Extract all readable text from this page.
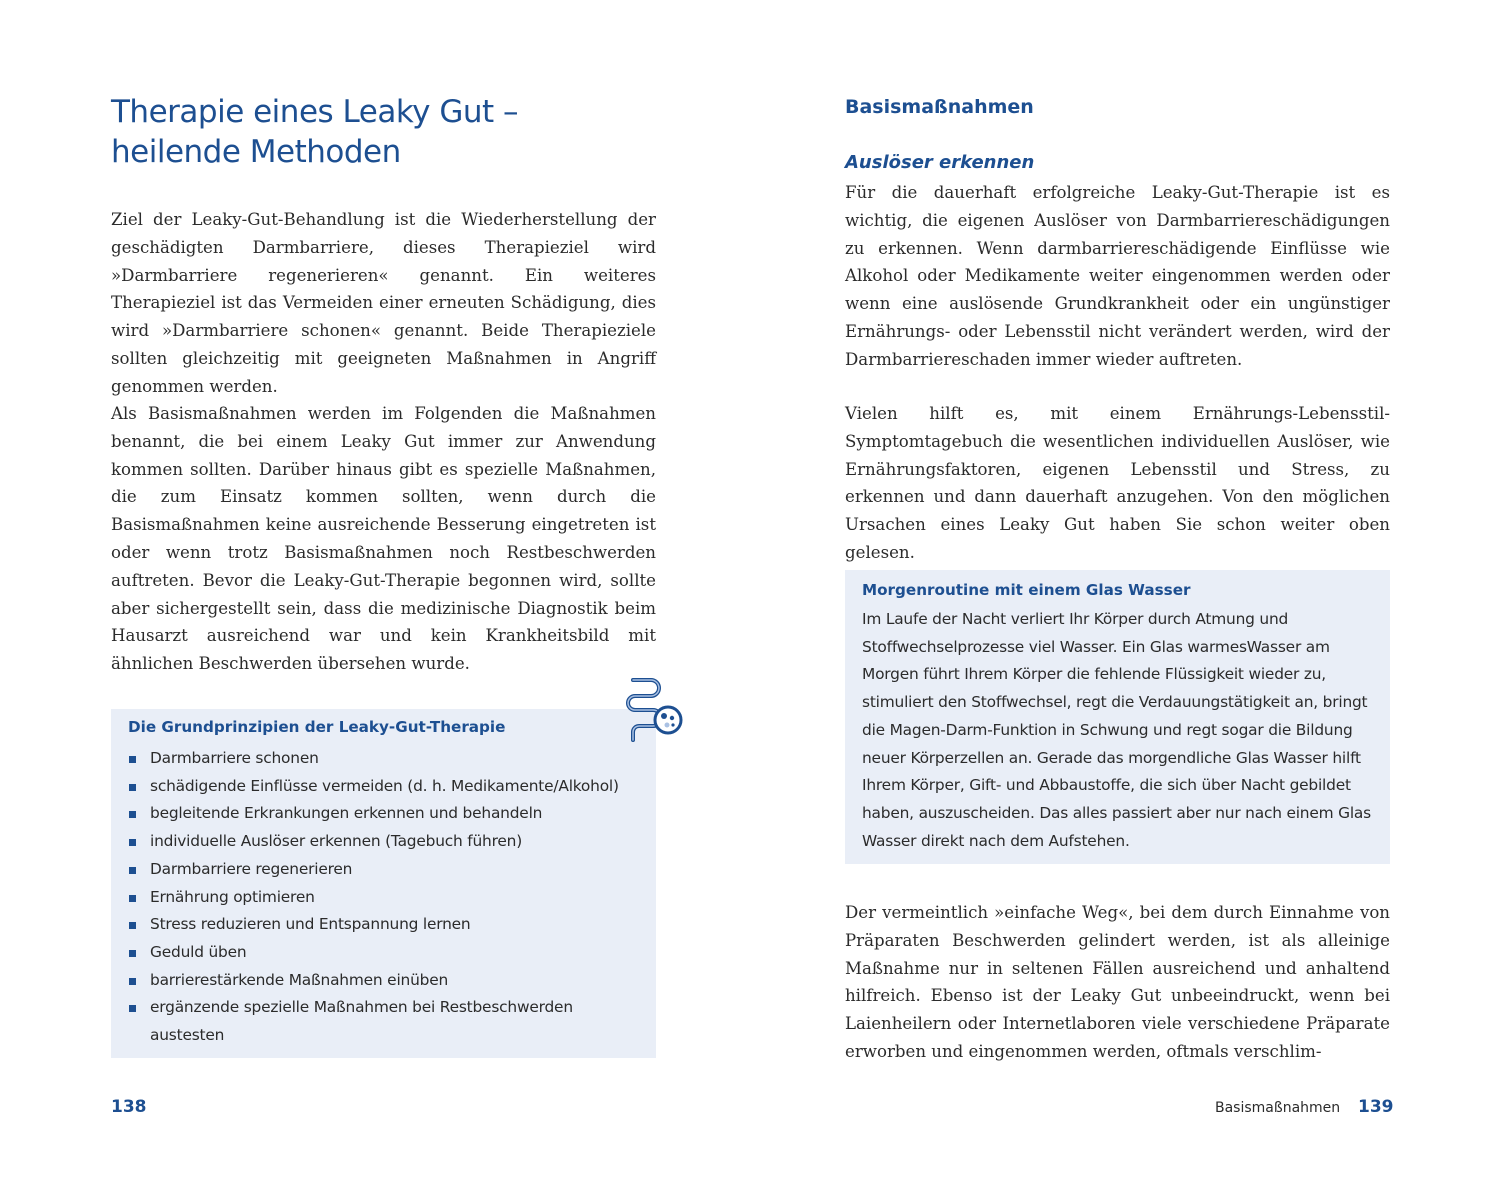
Therapie eines Leaky Gut –
heilende Methoden

Ziel der Leaky-Gut-Behandlung ist die Wiederherstellung der geschädigten Darmbarriere, dieses Therapieziel wird »Darmbarriere regenerieren« genannt. Ein weiteres Therapieziel ist das Vermeiden einer erneuten Schädigung, dies wird »Darmbarriere schonen« genannt. Beide Therapieziele sollten gleichzeitig mit geeigneten Maßnahmen in Angriff genommen werden.

Als Basismaßnahmen werden im Folgenden die Maßnahmen benannt, die bei einem Leaky Gut immer zur Anwendung kommen sollten. Darüber hinaus gibt es spezielle Maßnahmen, die zum Einsatz kommen sollten, wenn durch die Basismaßnahmen keine ausreichende Besserung eingetreten ist oder wenn trotz Basismaßnahmen noch Restbeschwerden auftreten. Bevor die Leaky-Gut-Therapie begonnen wird, sollte aber sichergestellt sein, dass die medizinische Diagnostik beim Hausarzt ausreichend war und kein Krankheitsbild mit ähnlichen Beschwerden übersehen wurde.

Die Grundprinzipien der Leaky-Gut-Therapie

Darmbarriere schonen
schädigende Einflüsse vermeiden (d. h. Medikamente/Alkohol)
begleitende Erkrankungen erkennen und behandeln
individuelle Auslöser erkennen (Tagebuch führen)
Darmbarriere regenerieren
Ernährung optimieren
Stress reduzieren und Entspannung lernen
Geduld üben
barrierestärkende Maßnahmen einüben
ergänzende spezielle Maßnahmen bei Restbeschwerden austesten
138
Basismaßnahmen
Auslöser erkennen

Für die dauerhaft erfolgreiche Leaky-Gut-Therapie ist es wichtig, die eigenen Auslöser von Darmbarriereschädigungen zu erkennen. Wenn darmbarriereschädigende Einflüsse wie Alkohol oder Medikamente weiter eingenommen werden oder wenn eine auslösende Grundkrankheit oder ein ungünstiger Ernährungs- oder Lebensstil nicht verändert werden, wird der Darmbarriereschaden immer wieder auftreten.

Vielen hilft es, mit einem Ernährungs-Lebensstil-Symptomtagebuch die wesentlichen individuellen Auslöser, wie Ernährungsfaktoren, eigenen Lebensstil und Stress, zu erkennen und dann dauerhaft anzugehen. Von den möglichen Ursachen eines Leaky Gut haben Sie schon weiter oben gelesen.

Morgenroutine mit einem Glas Wasser

Im Laufe der Nacht verliert Ihr Körper durch Atmung und Stoffwechselprozesse viel Wasser. Ein Glas warmesWasser am Morgen führt Ihrem Körper die fehlende Flüssigkeit wieder zu, stimuliert den Stoffwechsel, regt die Verdauungstätigkeit an, bringt die Magen-Darm-Funktion in Schwung und regt sogar die Bildung neuer Körperzellen an. Gerade das morgendliche Glas Wasser hilft Ihrem Körper, Gift- und Abbaustoffe, die sich über Nacht gebildet haben, auszuscheiden. Das alles passiert aber nur nach einem Glas Wasser direkt nach dem Aufstehen.

Der vermeintlich »einfache Weg«, bei dem durch Einnahme von Präparaten Beschwerden gelindert werden, ist als alleinige Maßnahme nur in seltenen Fällen ausreichend und anhaltend hilfreich. Ebenso ist der Leaky Gut unbeeindruckt, wenn bei Laienheilern oder Internetlaboren viele verschiedene Präparate erworben und eingenommen werden, oftmals verschlim-

Basismaßnahmen 139
